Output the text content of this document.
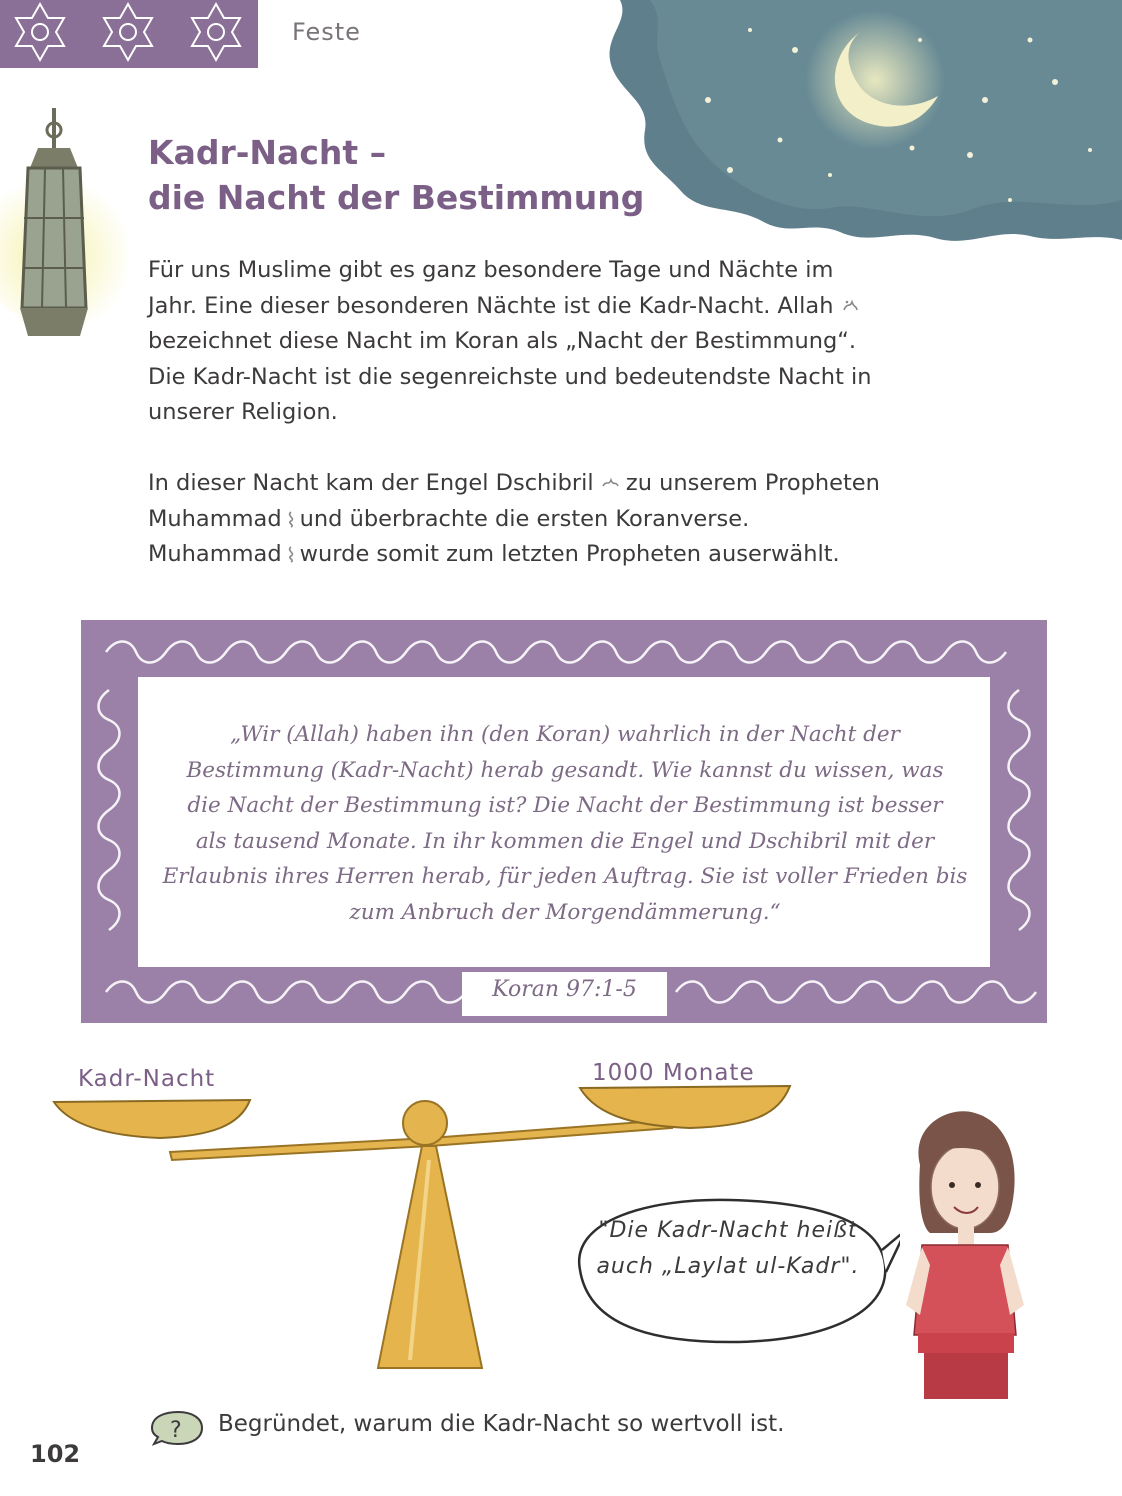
Feste
Kadr-Nacht –
die Nacht der Bestimmung
Für uns Muslime gibt es ganz besondere Tage und Nächte im
Jahr. Eine dieser besonderen Nächte ist die Kadr-Nacht. Allah
bezeichnet diese Nacht im Koran als „Nacht der Bestimmung“.
Die Kadr-Nacht ist die segenreichste und bedeutendste Nacht in
unserer Religion.
In dieser Nacht kam der Engel Dschibril  zu unserem Propheten
Muhammad und überbrachte die ersten Koranverse.
Muhammad wurde somit zum letzten Propheten auserwählt.
„Wir (Allah) haben ihn (den Koran) wahrlich in der Nacht der
Bestimmung (Kadr-Nacht) herab gesandt. Wie kannst du wissen, was
die Nacht der Bestimmung ist? Die Nacht der Bestimmung ist besser
als tausend Monate. In ihr kommen die Engel und Dschibril mit der
Erlaubnis ihres Herren herab, für jeden Auftrag. Sie ist voller Frieden bis
zum Anbruch der Morgendämmerung.“
Koran 97:1-5
Kadr-Nacht	1000 Monate
"Die Kadr-Nacht heißt
auch „Laylat ul-Kadr".
? Begründet, warum die Kadr-Nacht so wertvoll ist.
102
